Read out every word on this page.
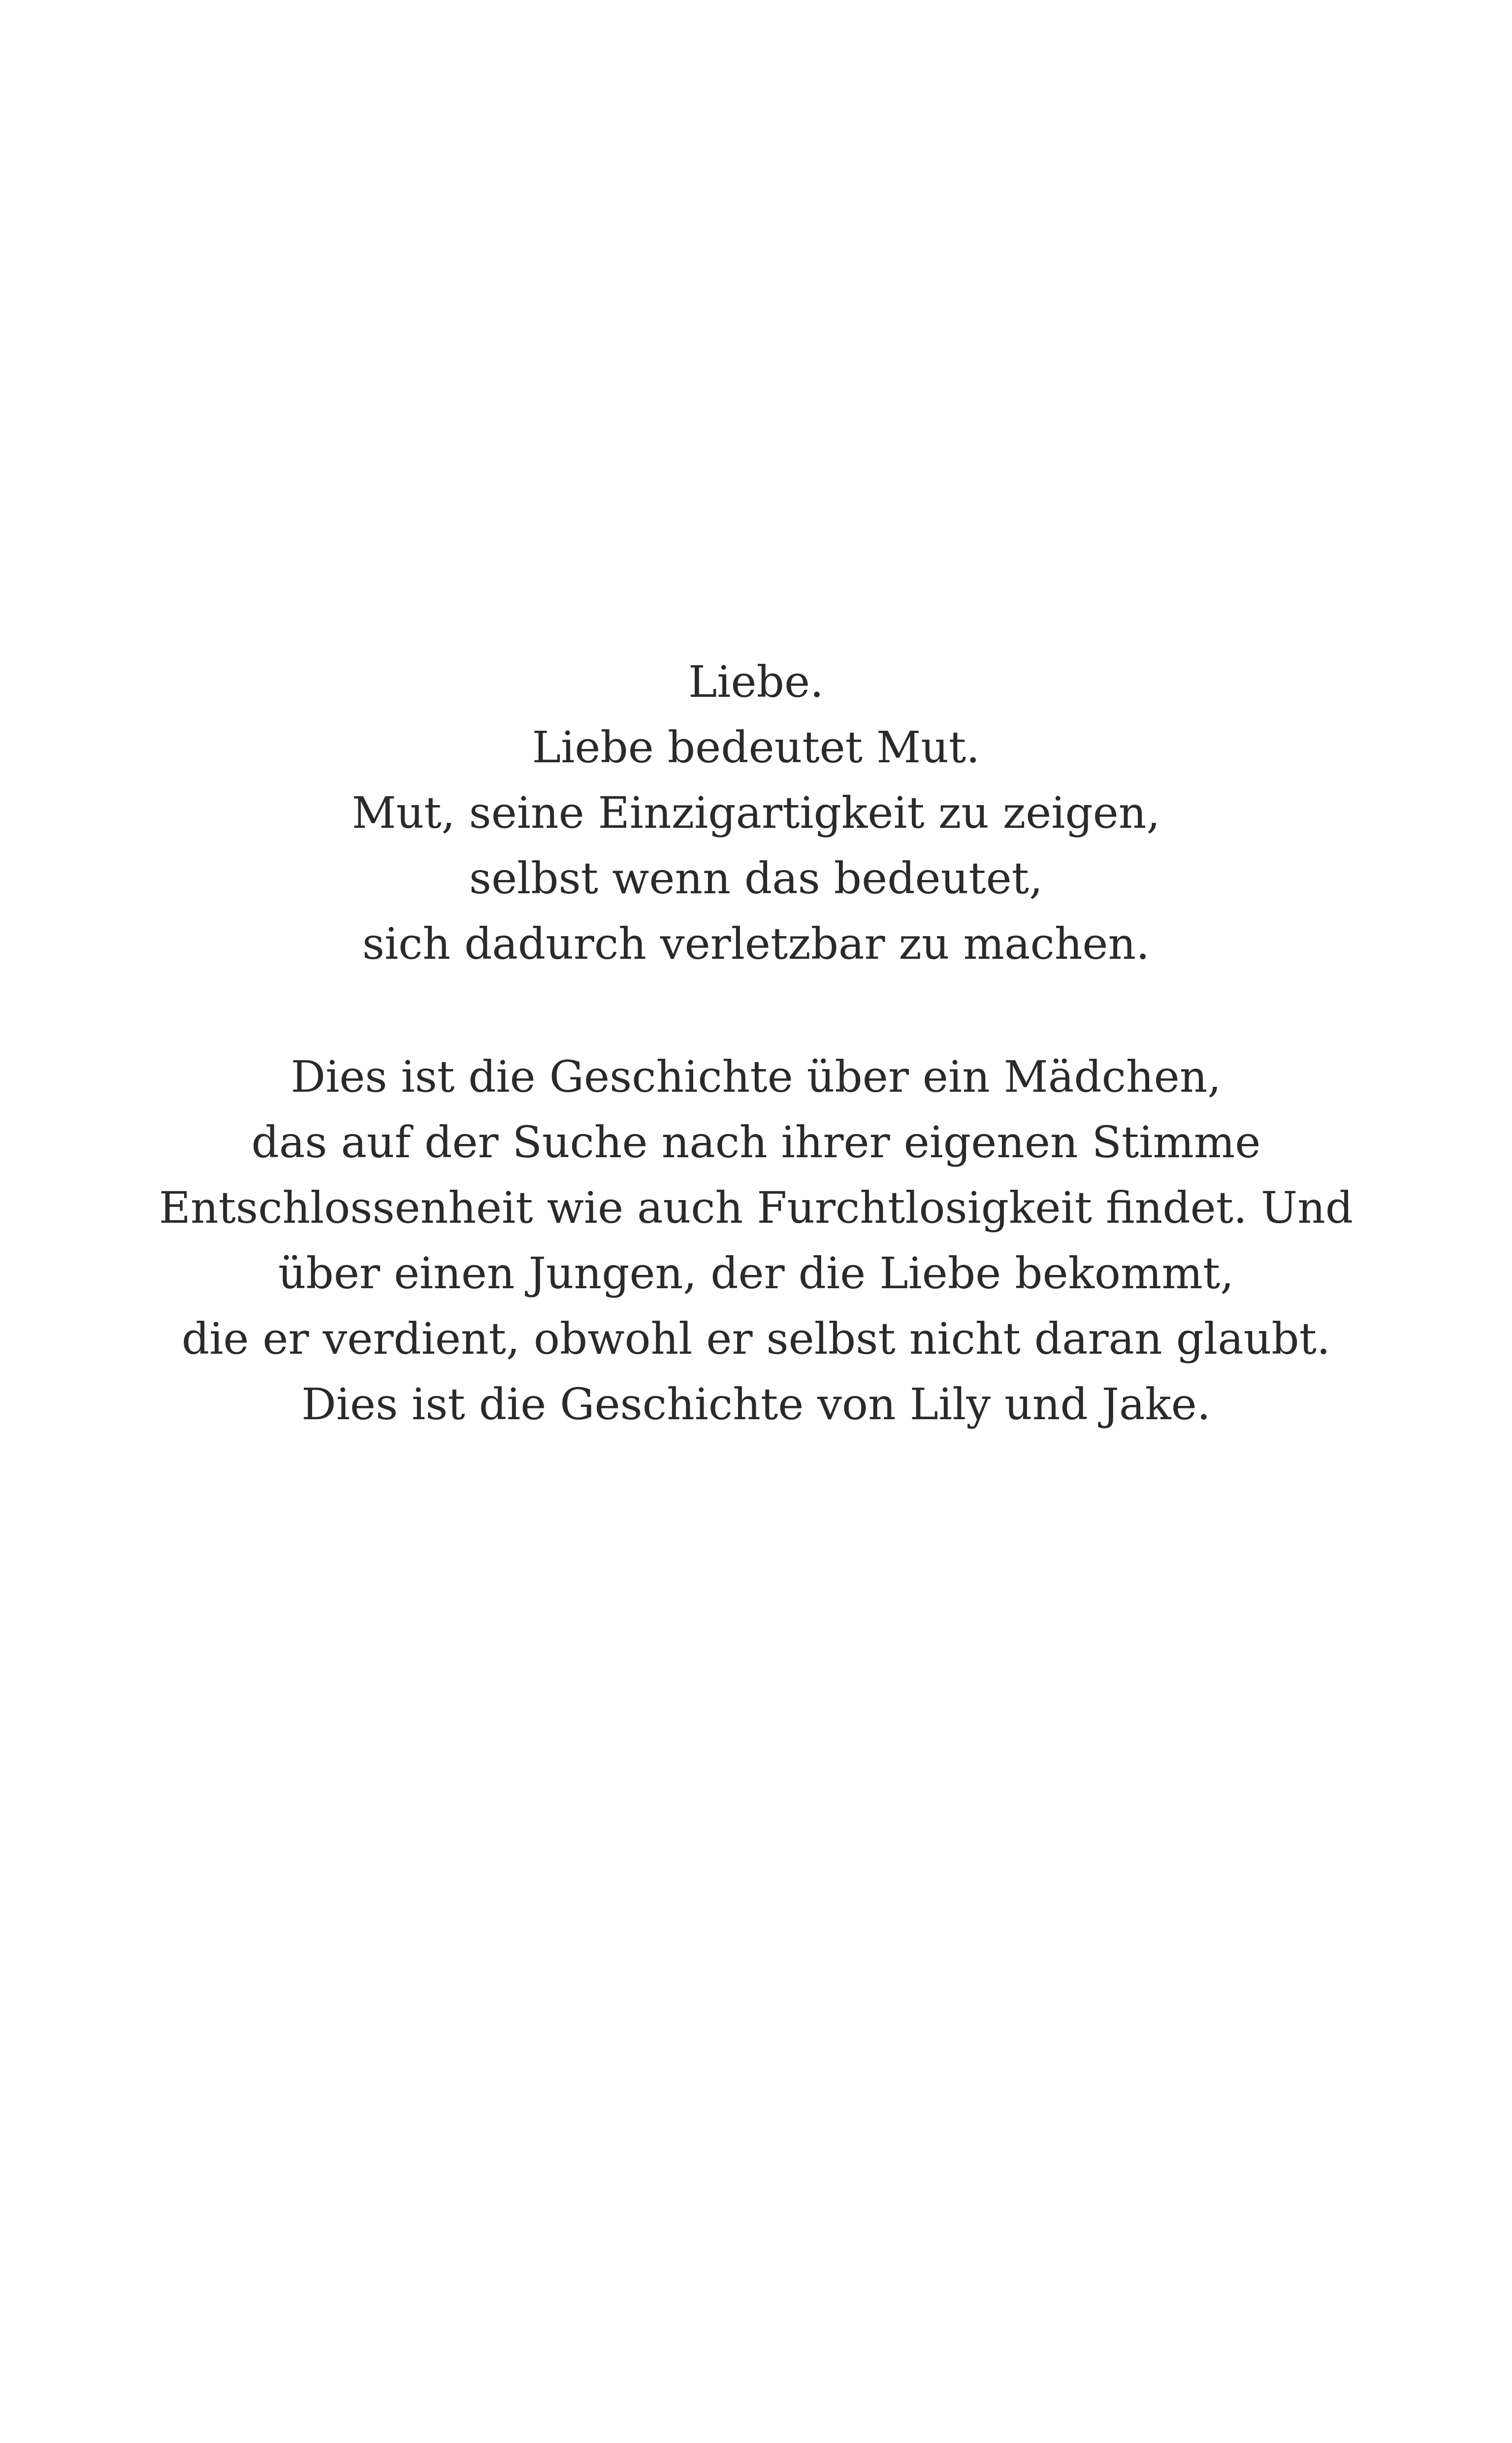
Liebe.
Liebe bedeutet Mut.
Mut, seine Einzigartigkeit zu zeigen,
selbst wenn das bedeutet,
sich dadurch verletzbar zu machen.
Dies ist die Geschichte über ein Mädchen,
das auf der Suche nach ihrer eigenen Stimme
Entschlossenheit wie auch Furchtlosigkeit findet. Und
über einen Jungen, der die Liebe bekommt,
die er verdient, obwohl er selbst nicht daran glaubt.
Dies ist die Geschichte von Lily und Jake.
